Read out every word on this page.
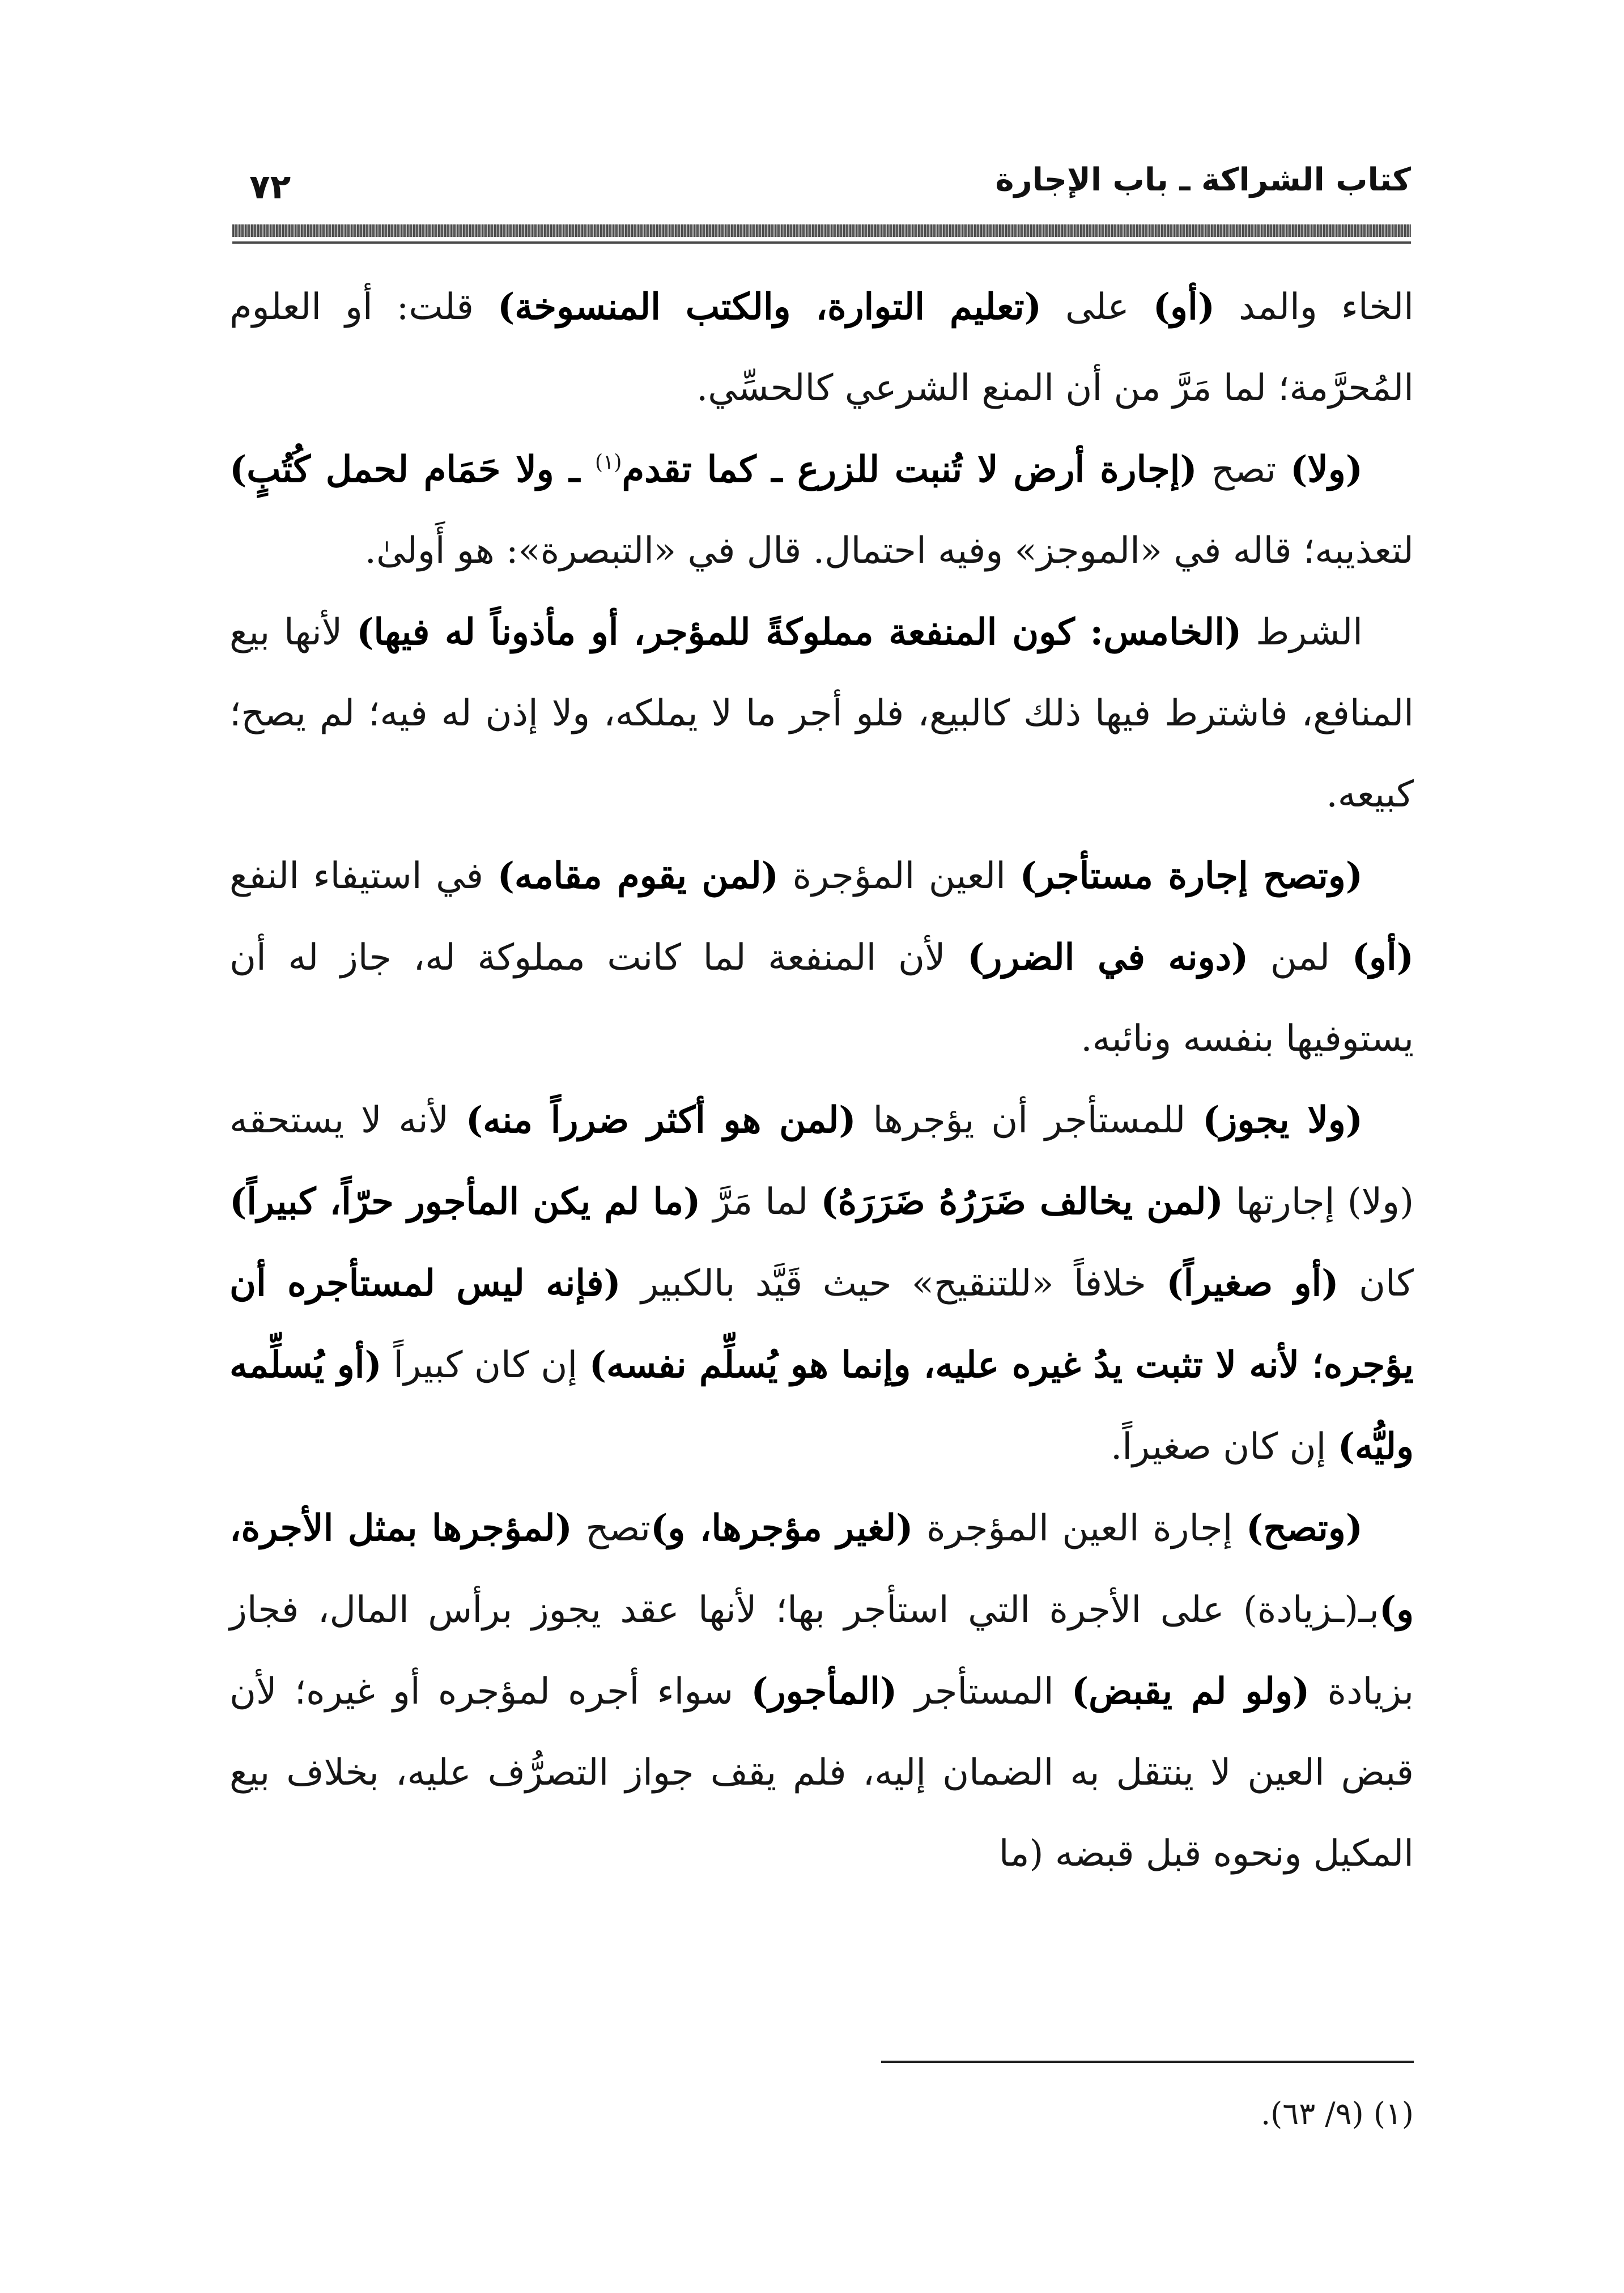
كتاب الشراكة ـ باب الإجارة
٧٢

الخاء والمد (أو) على (تعليم التوارة، والكتب المنسوخة) قلت: أو العلوم المُحرَّمة؛ لما مَرَّ من أن المنع الشرعي كالحسِّي.

(ولا) تصح (إجارة أرض لا تُنبت للزرع ـ كما تقدم$^{(١)}$ ـ ولا حَمَام لحمل كُتُبٍ) لتعذيبه؛ قاله في «الموجز» وفيه احتمال. قال في «التبصرة»: هو أَولىٰ.

الشرط (الخامس: كون المنفعة مملوكةً للمؤجر، أو مأذوناً له فيها) لأنها بيع المنافع، فاشترط فيها ذلك كالبيع، فلو أجر ما لا يملكه، ولا إذن له فيه؛ لم يصح؛ كبيعه.

(وتصح إجارة مستأجر) العين المؤجرة (لمن يقوم مقامه) في استيفاء النفع (أو) لمن (دونه في الضرر) لأن المنفعة لما كانت مملوكة له، جاز له أن يستوفيها بنفسه ونائبه.

(ولا يجوز) للمستأجر أن يؤجرها (لمن هو أكثر ضرراً منه) لأنه لا يستحقه (ولا) إجارتها (لمن يخالف ضَرَرُهُ ضَرَرَهُ) لما مَرَّ (ما لم يكن المأجور حرّاً، كبيراً) كان (أو صغيراً) خلافاً «للتنقيح» حيث قَيَّد بالكبير (فإنه ليس لمستأجره أن يؤجره؛ لأنه لا تثبت يدُ غيره عليه، وإنما هو يُسلِّم نفسه) إن كان كبيراً (أو يُسلِّمه وليُّه) إن كان صغيراً.

(وتصح) إجارة العين المؤجرة (لغير مؤجرها، و)تصح (لمؤجرها بمثل الأجرة، و)بـ(ـزيادة) على الأجرة التي استأجر بها؛ لأنها عقد يجوز برأس المال، فجاز بزيادة (ولو لم يقبض) المستأجر (المأجور) سواء أجره لمؤجره أو غيره؛ لأن قبض العين لا ينتقل به الضمان إليه، فلم يقف جواز التصرُّف عليه، بخلاف بيع المكيل ونحوه قبل قبضه (ما

(١) (٩/ ٦٣).
